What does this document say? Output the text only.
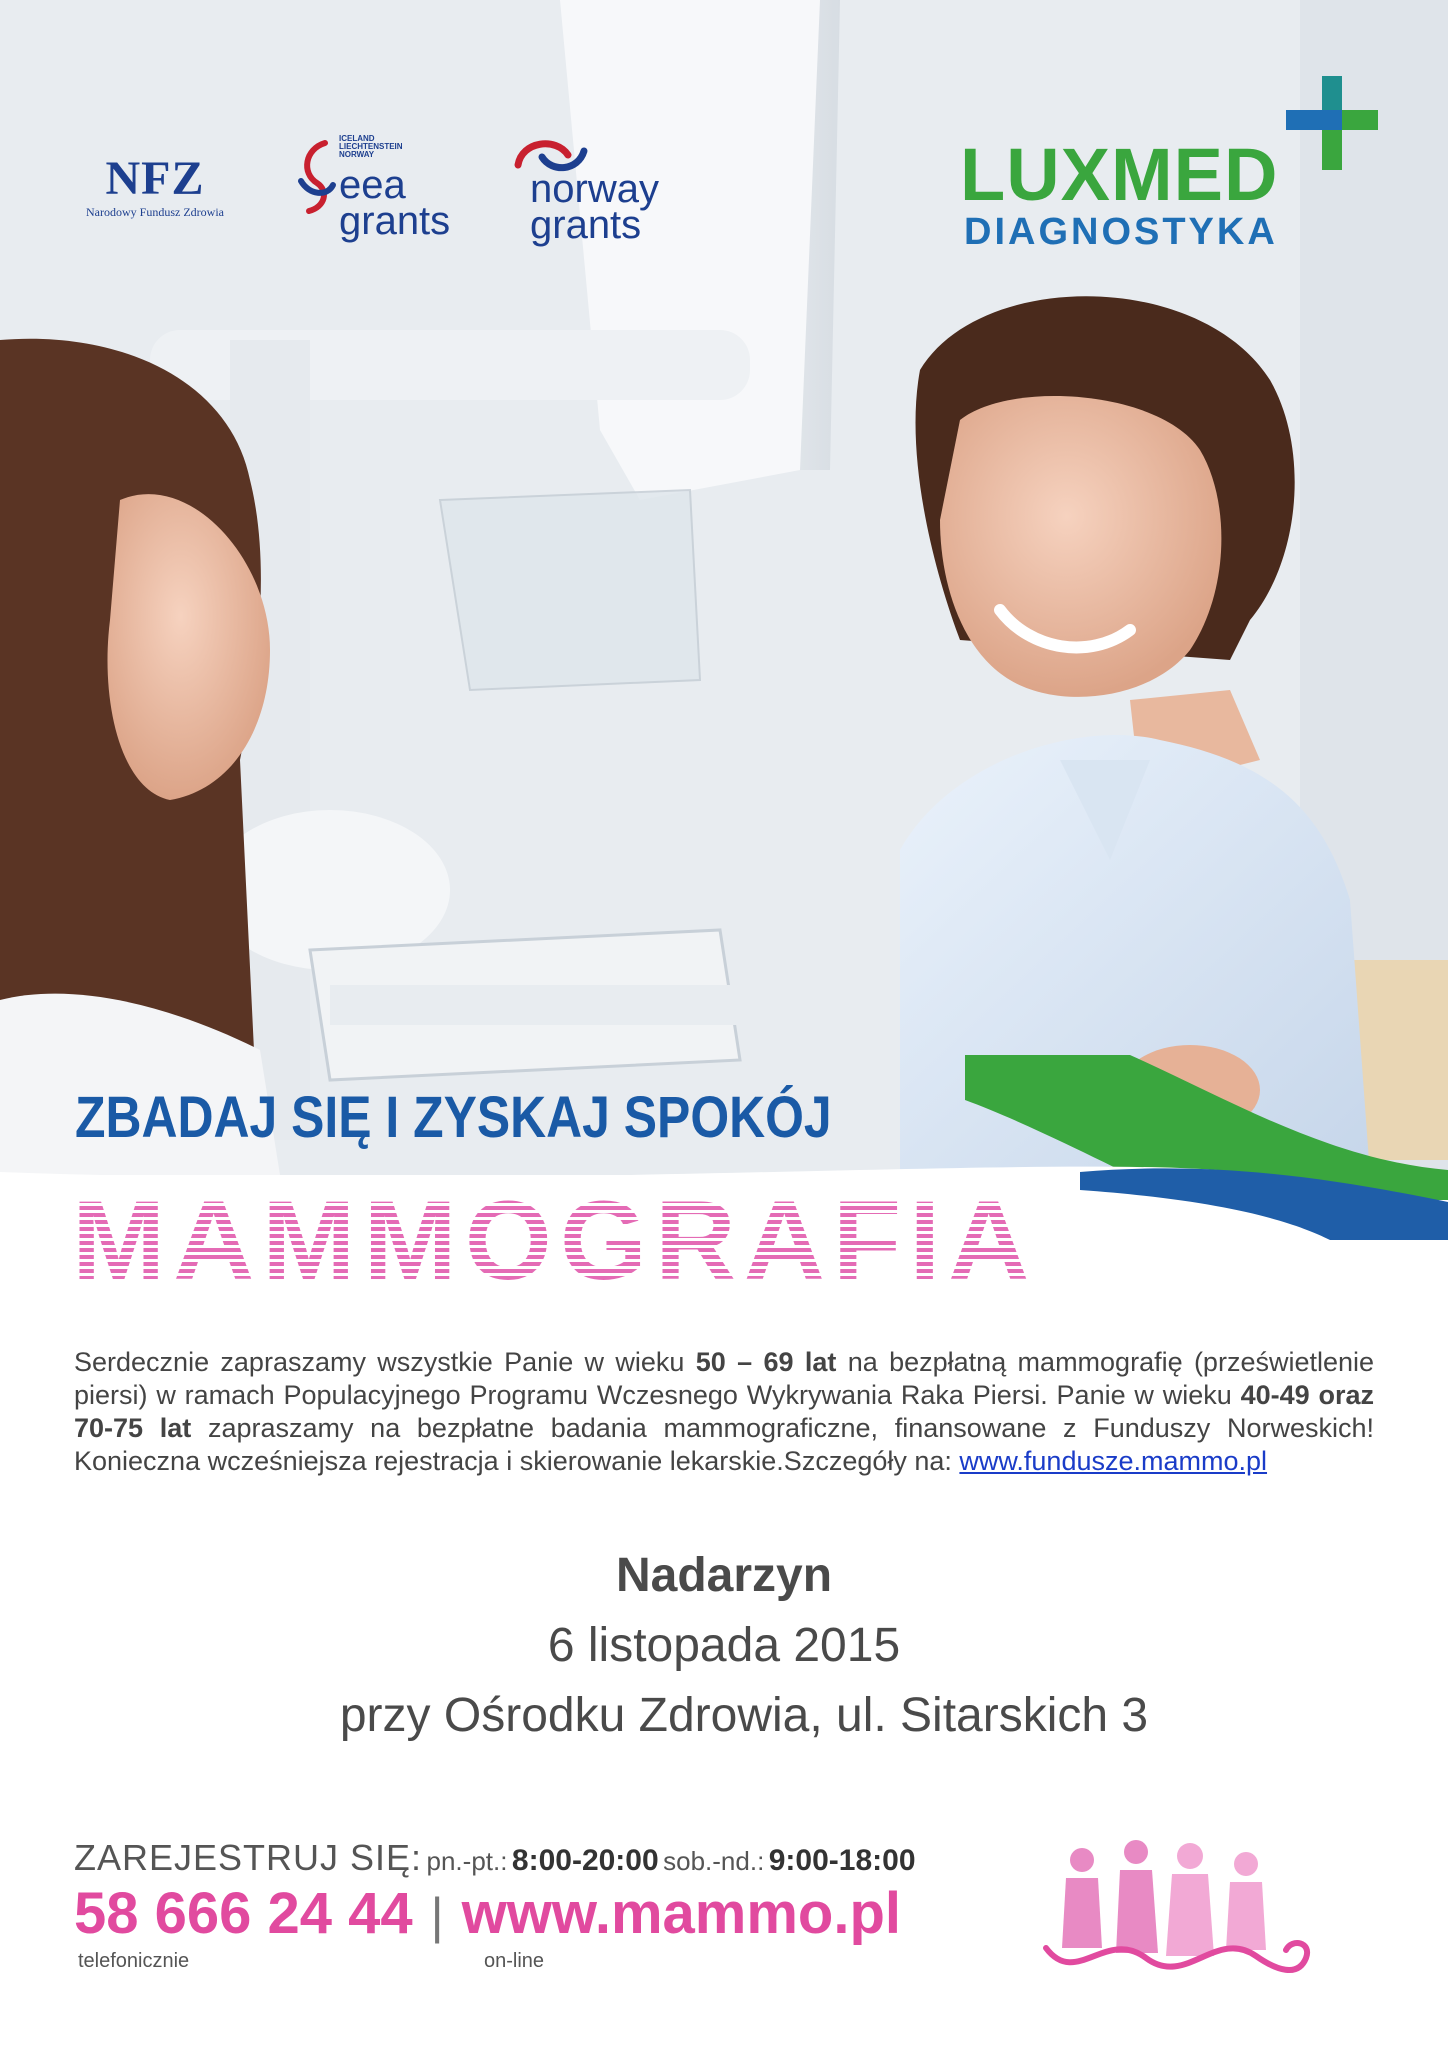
NFZ
Narodowy Fundusz Zdrowia
ICELAND
LIECHTENSTEIN
NORWAY
eea
grants
norway
grants
LUXMED
DIAGNOSTYKA
ZBADAJ SIĘ I ZYSKAJ SPOKÓJ
MAMMOGRAFIA

Serdecznie zapraszamy wszystkie Panie w wieku 50 – 69 lat na bezpłatną mammografię (prześwietlenie piersi) w ramach Populacyjnego Programu Wczesnego Wykrywania Raka Piersi. Panie w wieku 40-49 oraz 70-75 lat zapraszamy na bezpłatne badania mammograficzne, finansowane z Funduszy Norweskich! Konieczna wcześniejsza rejestracja i skierowanie lekarskie.Szczegóły na: www.fundusze.mammo.pl

Nadarzyn
6 listopada 2015
przy Ośrodku Zdrowia, ul. Sitarskich 3
ZAREJESTRUJ SIĘ: pn.-pt.: 8:00-20:00 sob.-nd.: 9:00-18:00
58 666 24 44 | www.mammo.pl
telefonicznie	on-line
